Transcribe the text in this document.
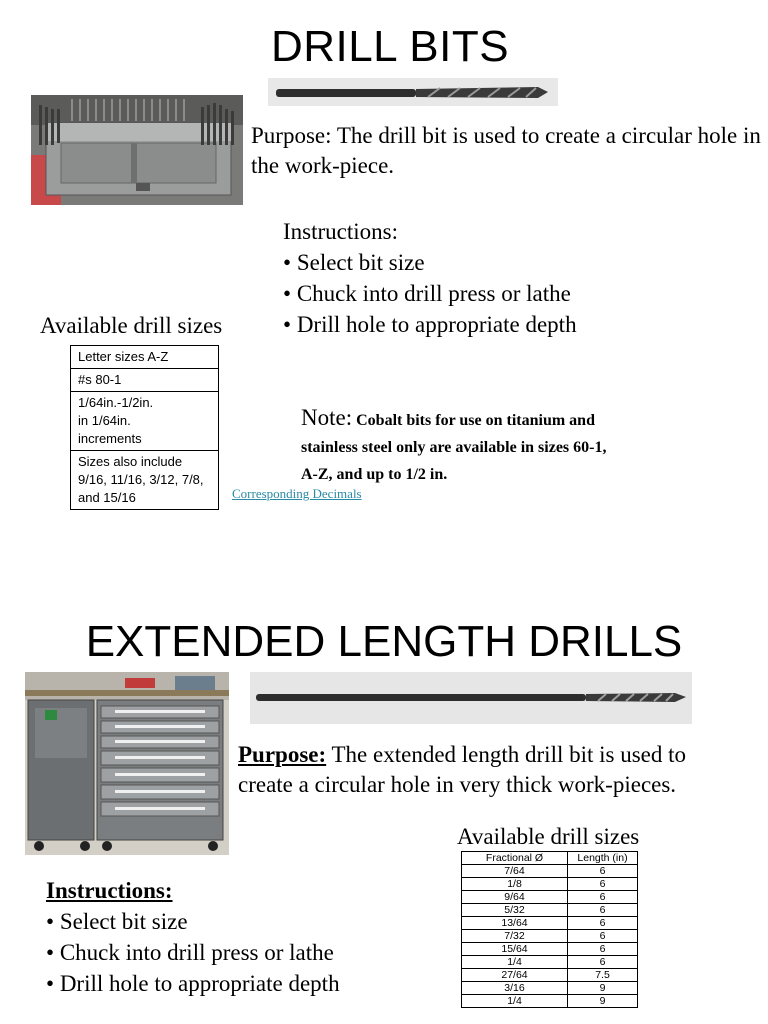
DRILL BITS
Purpose: The drill bit is used to create a circular hole in the work-piece.
Instructions:
• Select bit size
• Chuck into drill press or lathe
• Drill hole to appropriate depth
Available drill sizes
Letter sizes A-Z
#s 80-1
1/64in.-1/2in.
in 1/64in.
increments
Sizes also include 9/16, 11/16, 3/12, 7/8, and 15/16
Note: Cobalt bits for use on titanium and stainless steel only are available in sizes 60-1, A-Z, and up to 1/2 in.
Corresponding Decimals
EXTENDED LENGTH DRILLS
Purpose: The extended length drill bit is used to create a circular hole in very thick work-pieces.
Available drill sizes
Fractional Ø	Length (in)
7/64	6
1/8	6
9/64	6
5/32	6
13/64	6
7/32	6
15/64	6
1/4	6
27/64	7.5
3/16	9
1/4	9
Instructions:
• Select bit size
• Chuck into drill press or lathe
• Drill hole to appropriate depth
